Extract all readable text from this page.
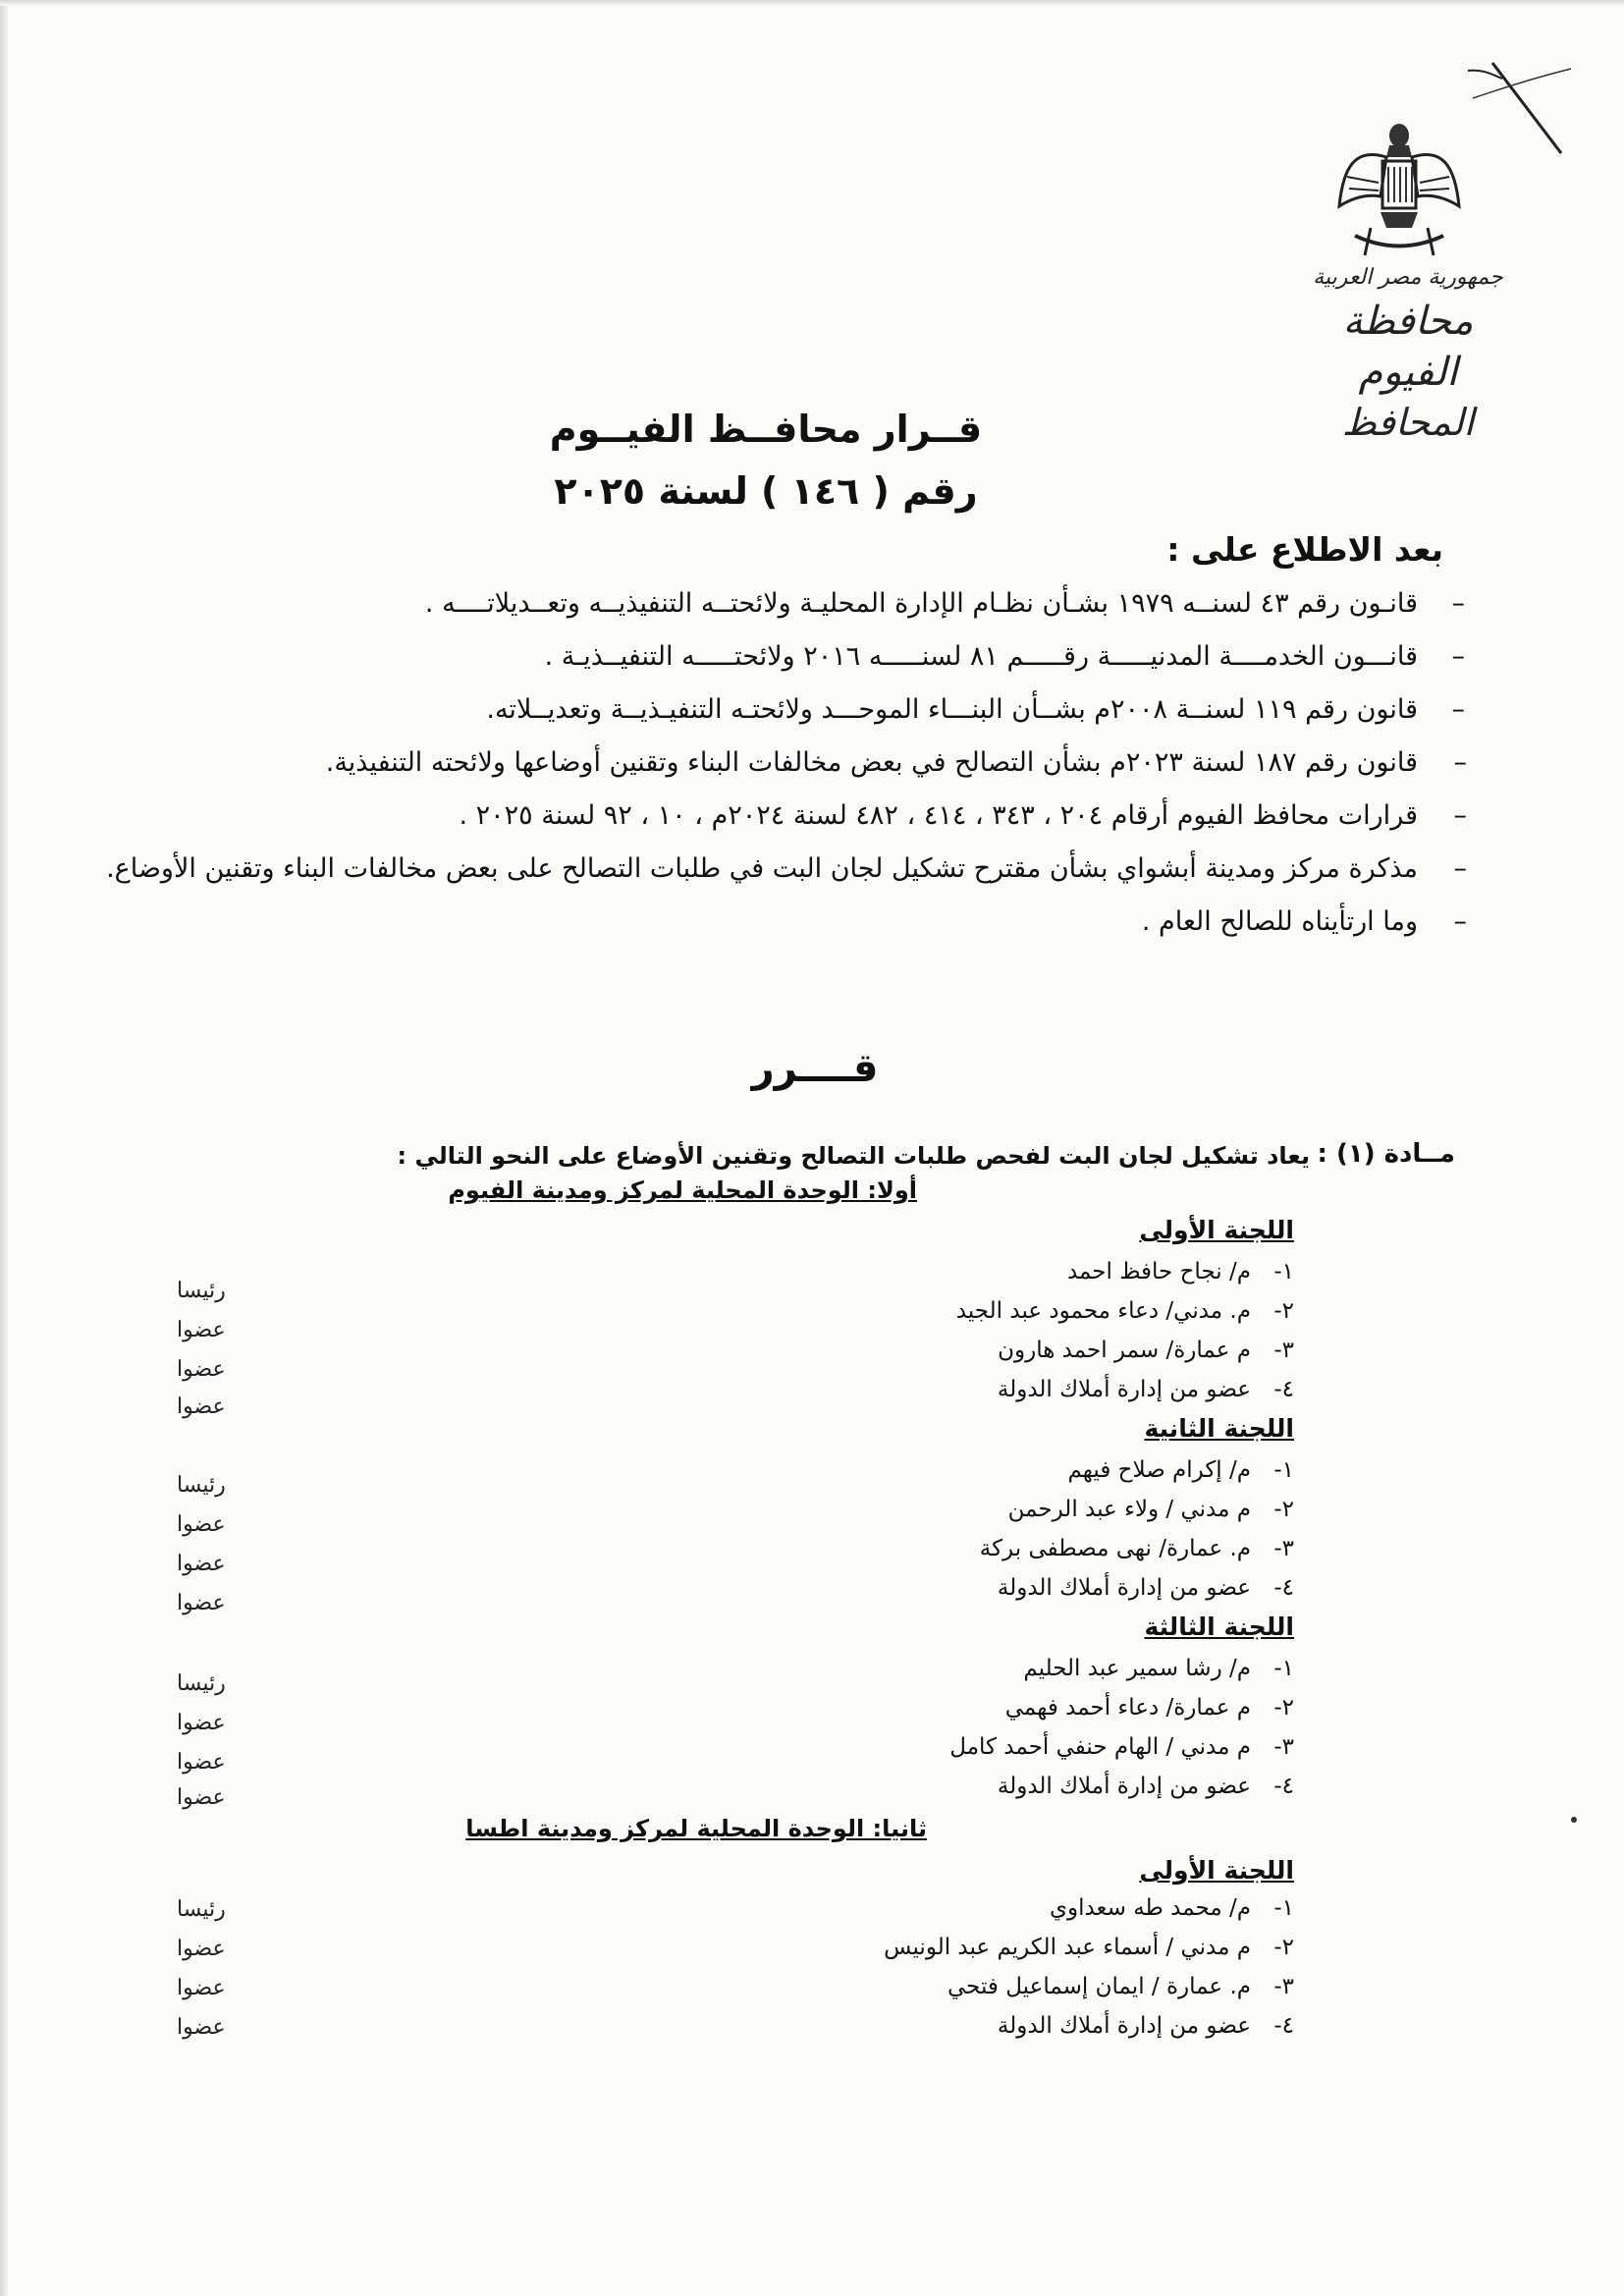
جمهورية مصر العربية
محافظة الفيوم
المحافظ
قــرار محافــظ الفيــوم
رقم ( ١٤٦ ) لسنة ٢٠٢٥
بعد الاطلاع على :
–
قانـون رقم ٤٣ لسنــه ١٩٧٩ بشـأن نظـام الإدارة المحليـة ولائحتــه التنفيذيــه وتعــديلاتــــه .
–
قانـــون الخدمــــة المدنيـــــة رقـــــم ٨١ لسنـــــه ٢٠١٦ ولائحتـــــه التنفيــذيـة .
–
قانون رقم ١١٩ لسنــة ٢٠٠٨م بشــأن البنـــاء الموحـــد ولائحتـه التنفيـذيــة وتعديــلاته.
–
قانون رقم ١٨٧ لسنة ٢٠٢٣م بشأن التصالح في بعض مخالفات البناء وتقنين أوضاعها ولائحته التنفيذية.
–
قرارات محافظ الفيوم أرقام ٢٠٤ ، ٣٤٣ ، ٤١٤ ، ٤٨٢ لسنة ٢٠٢٤م ، ١٠ ، ٩٢ لسنة ٢٠٢٥ .
–
مذكرة مركز ومدينة أبشواي بشأن مقترح تشكيل لجان البت في طلبات التصالح على بعض مخالفات البناء وتقنين الأوضاع.
–
وما ارتأيناه للصالح العام .
قــــرر
مــادة (١) :
يعاد تشكيل لجان البت لفحص طلبات التصالح وتقنين الأوضاع على النحو التالي :
أولا: الوحدة المحلية لمركز ومدينة الفيوم
اللجنة الأولى
١-م/ نجاح حافظ احمد
٢-م. مدني/ دعاء محمود عبد الجيد
٣-م عمارة/ سمر احمد هارون
٤-عضو من إدارة أملاك الدولة
رئيسا
عضوا
عضوا
عضوا
اللجنة الثانية
١-م/ إكرام صلاح فيهم
٢-م مدني / ولاء عبد الرحمن
٣-م. عمارة/ نهى مصطفى بركة
٤-عضو من إدارة أملاك الدولة
رئيسا
عضوا
عضوا
عضوا
اللجنة الثالثة
١-م/ رشا سمير عبد الحليم
٢-م عمارة/ دعاء أحمد فهمي
٣-م مدني / الهام حنفي أحمد كامل
٤-عضو من إدارة أملاك الدولة
رئيسا
عضوا
عضوا
عضوا
ثانيا: الوحدة المحلية لمركز ومدينة اطسا
اللجنة الأولى
١-م/ محمد طه سعداوي
٢-م مدني / أسماء عبد الكريم عبد الونيس
٣-م. عمارة / ايمان إسماعيل فتحي
٤-عضو من إدارة أملاك الدولة
رئيسا
عضوا
عضوا
عضوا
